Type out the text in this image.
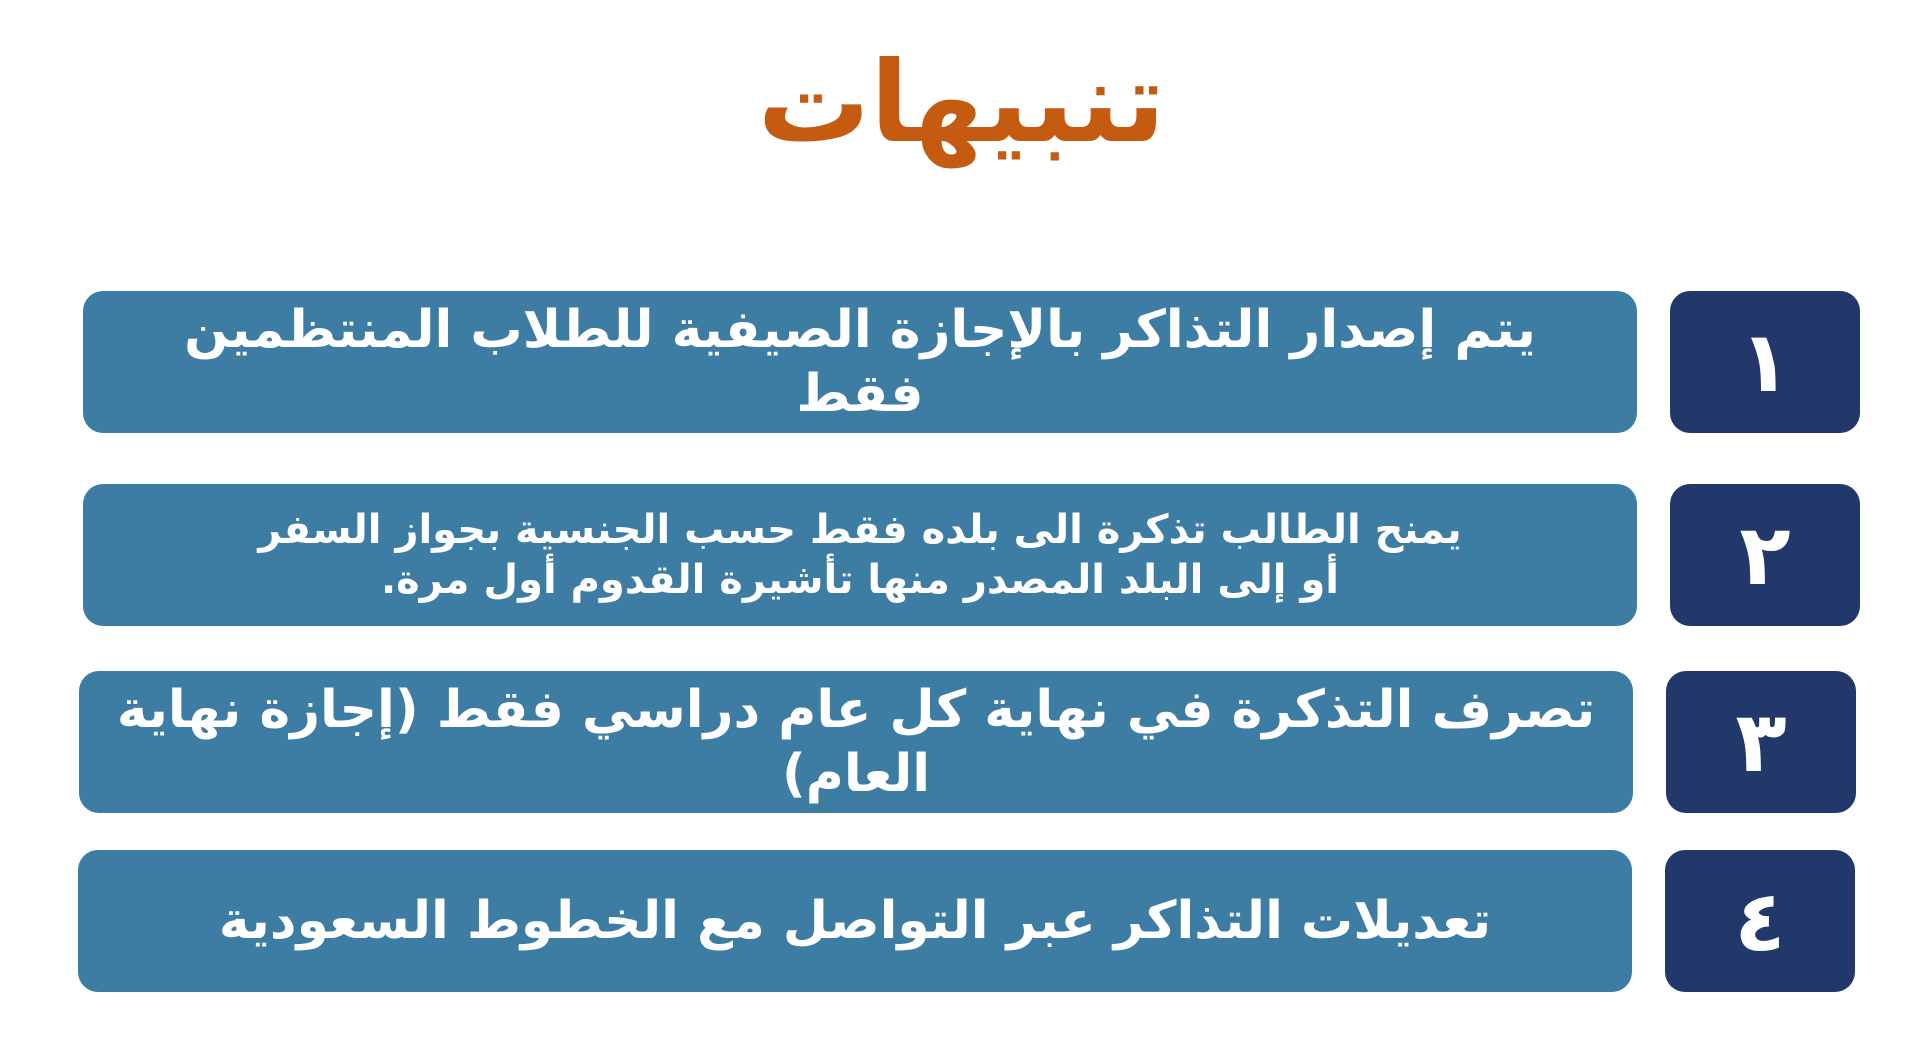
تنبيهات
يتم إصدار التذاكر بالإجازة الصيفية للطلاب المنتظمين فقط	١
يمنح الطالب تذكرة الى بلده فقط حسب الجنسية بجواز السفر
أو إلى البلد المصدر منها تأشيرة القدوم أول مرة.	٢
تصرف التذكرة في نهاية كل عام دراسي فقط (إجازة نهاية العام)	٣
تعديلات التذاكر عبر التواصل مع الخطوط السعودية	٤
